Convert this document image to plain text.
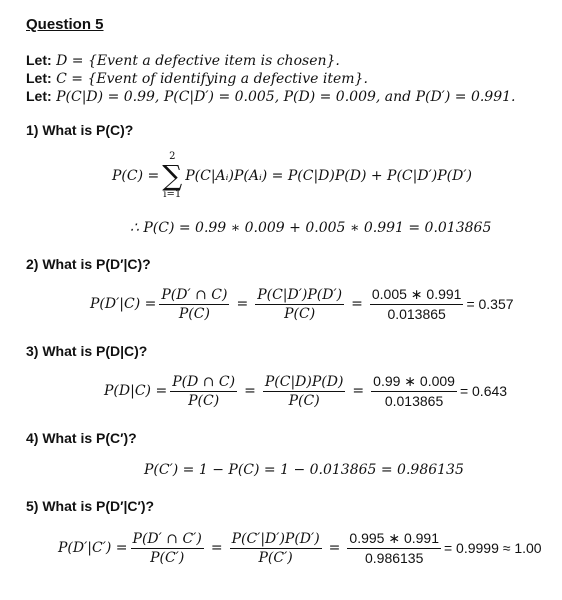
Question 5
Let: D = {Event a defective item is chosen}.
Let: C = {Event of identifying a defective item}.
Let: P(C|D) = 0.99, P(C|D′) = 0.005, P(D) = 0.009, and P(D′) = 0.991.
1) What is P(C)?
P(C) =
2
∑
i=1
P(C|Aᵢ)P(Aᵢ) = P(C|D)P(D) + P(C|D′)P(D′)
∴ P(C) = 0.99 ∗ 0.009 + 0.005 ∗ 0.991 = 0.013865
2) What is P(D′|C)?
$P(D'|C) = \frac{P(D' \cap C)}{P(C)} = \frac{P(C|D')P(D')}{P(C)} = \frac{0.005 ∗ 0.991}{0.013865} = 0.357$
3) What is P(D|C)?
$P(D|C) = \frac{P(D \cap C)}{P(C)} = \frac{P(C|D)P(D)}{P(C)} = \frac{0.99 ∗ 0.009}{0.013865} = 0.643$
4) What is P(C′)?
P(C′) = 1 − P(C) = 1 − 0.013865 = 0.986135
5) What is P(D′|C′)?
$P(D'|C') = \frac{P(D' \cap C')}{P(C')} = \frac{P(C'|D')P(D')}{P(C')} = \frac{0.995 ∗ 0.991}{0.986135} = 0.9999 \approx 1.00$
